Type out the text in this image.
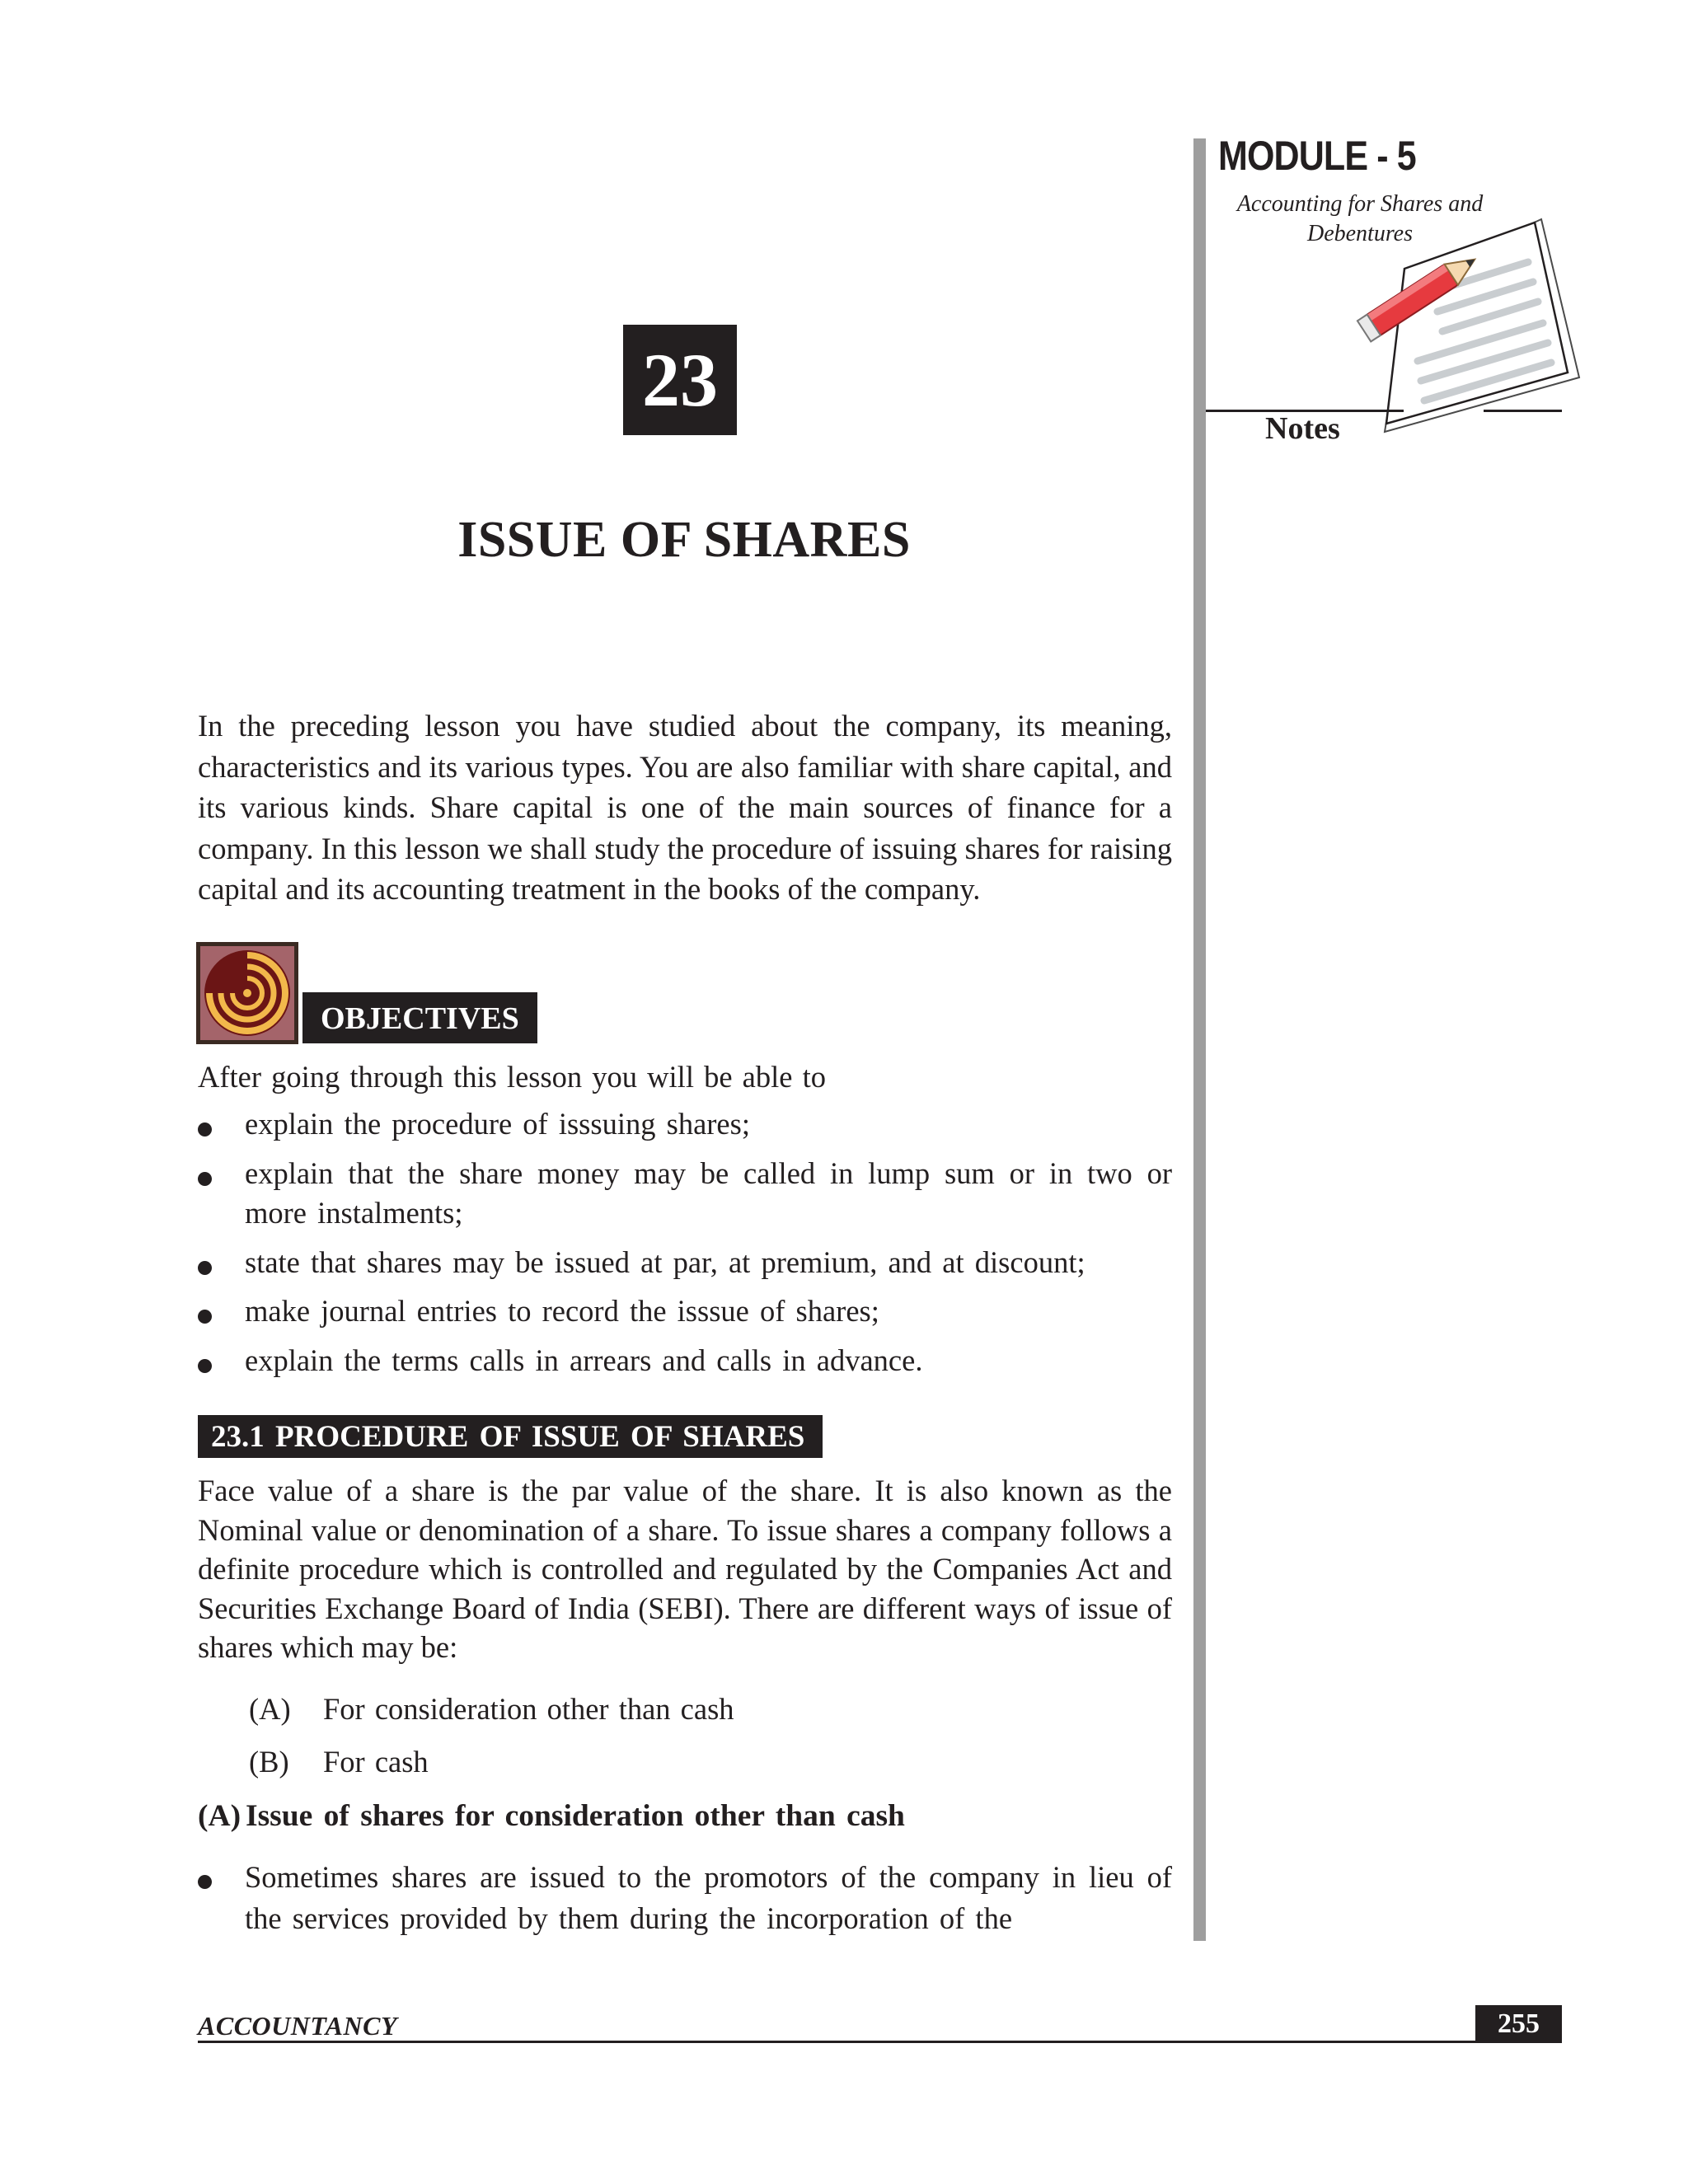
MODULE - 5
Accounting for Shares and
Debentures
Notes
23
ISSUE OF SHARES
In the preceding lesson you have studied about the company, its meaning, characteristics and its various types. You are also familiar with share capital, and its various kinds. Share capital is one of the main sources of finance for a company. In this lesson we shall study the procedure of issuing shares for raising capital and its accounting treatment in the books of the company.
OBJECTIVES
After going through this lesson you will be able to
explain the procedure of isssuing shares;
explain that the share money may be called in lump sum or in two or more instalments;
state that shares may be issued at par, at premium, and at discount;
make journal entries to record the isssue of shares;
explain the terms calls in arrears and calls in advance.
23.1 PROCEDURE OF ISSUE OF SHARES
Face value of a share is the par value of the share. It is also known as the Nominal value or denomination of a share. To issue shares a company follows a definite procedure which is controlled and regulated by the Companies Act and Securities Exchange Board of India (SEBI). There are different ways of issue of shares which may be:
(A) For consideration other than cash
(B) For cash
(A) Issue of shares for consideration other than cash
Sometimes shares are issued to the promotors of the company in lieu of the services provided by them during the incorporation of the
ACCOUNTANCY	255
